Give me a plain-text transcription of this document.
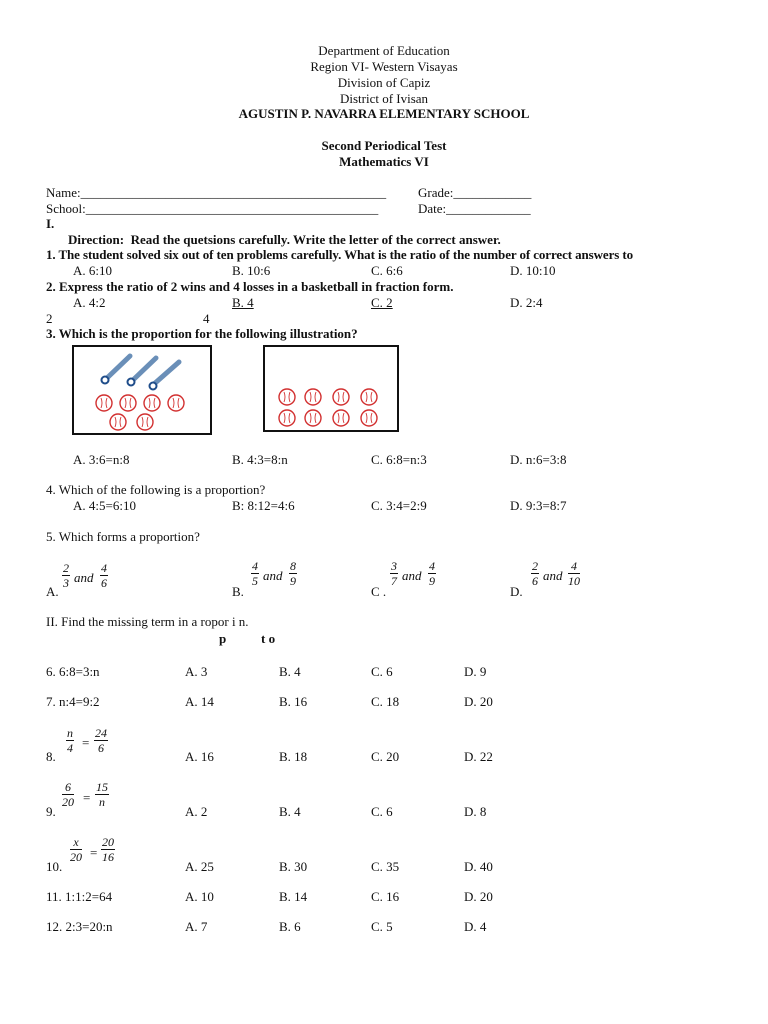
Department of Education
Region VI- Western Visayas
Division of Capiz
District of Ivisan
AGUSTIN P. NAVARRA ELEMENTARY SCHOOL
Second Periodical Test
Mathematics VI
Name:_______________________________________________ Grade:____________
School:_____________________________________________	Date:_____________
I.
Direction: Read the quetsions carefully. Write the letter of the correct answer.
1. The student solved six out of ten problems carefully. What is the ratio of the number of correct answers to
A. 6:10	B. 10:6	C. 6:6	D. 10:10
2. Express the ratio of 2 wins and 4 losses in a basketball in fraction form.
A. 4:2	B. 4	C. 2	D. 2:4
2	4
3. Which is the proportion for the following illustration?
A. 3:6=n:8	B. 4:3=8:n	C. 6:8=n:3	D. n:6=3:8
4. Which of the following is a proportion?
A. 4:5=6:10	B: 8:12=4:6	C. 3:4=2:9	D. 9:3=8:7
5. Which forms a proportion?
A.
$\frac{2}{3}$ and $\frac{4}{6}$
B.
$\frac{4}{5}$ and $\frac{8}{9}$
C .
$\frac{3}{7}$ and $\frac{4}{9}$
D.
$\frac{2}{6}$ and $\frac{4}{10}$
II. Find the missing term in a ropor i n.
p	t o
6. 6:8=3:n	A. 3	B. 4	C. 6	D. 9
7. n:4=9:2	A. 14	B. 16	C. 18	D. 20
8.
$\frac{n}{4} = \frac{24}{6}$
A. 16	B. 18	C. 20	D. 22
9.
$\frac{6}{20} = \frac{15}{n}$
A. 2	B. 4	C. 6	D. 8
10.
$\frac{x}{20} = \frac{20}{16}$
A. 25	B. 30	C. 35	D. 40
11. 1:1:2=64	A. 10	B. 14	C. 16	D. 20
12. 2:3=20:n	A. 7	B. 6	C. 5	D. 4
